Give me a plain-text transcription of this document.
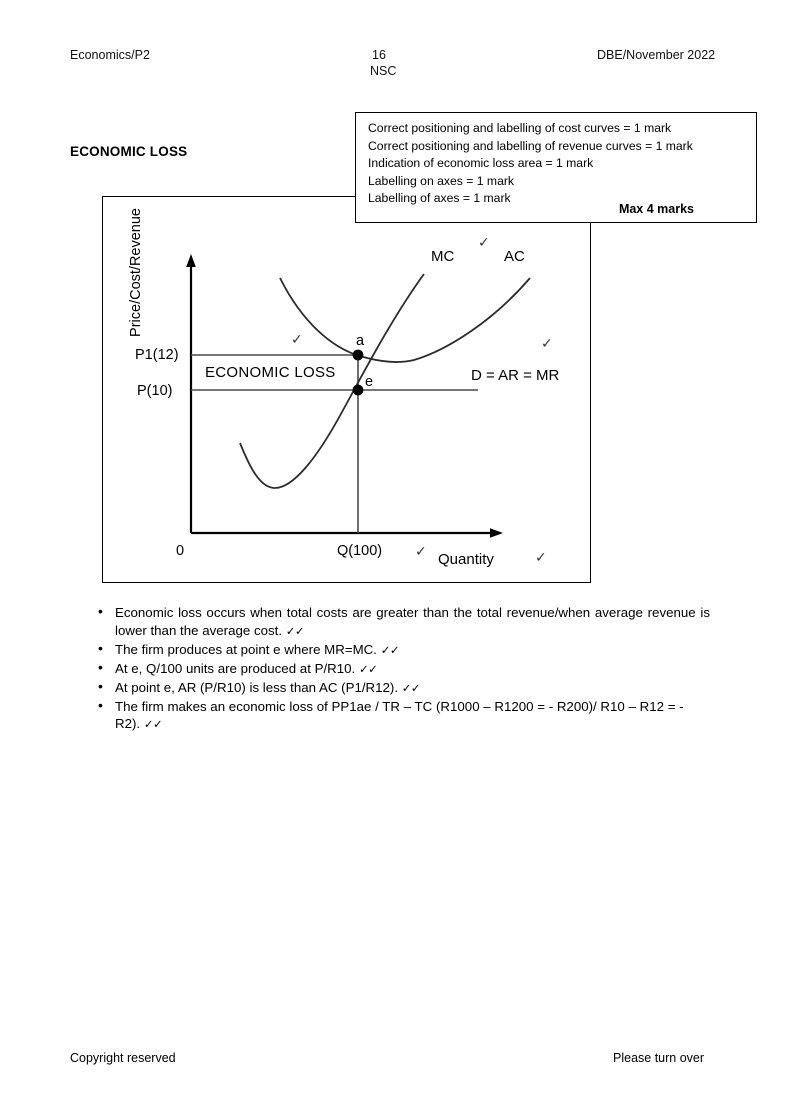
Economics/P2	16
NSC
DBE/November 2022
ECONOMIC LOSS
Correct positioning and labelling of cost curves = 1 mark
Correct positioning and labelling of revenue curves = 1 mark
Indication of economic loss area = 1 mark
Labelling on axes = 1 mark
Labelling of axes = 1 mark
Max 4 marks
Price/Cost/Revenue
P1(12)
P(10)
ECONOMIC LOSS
a
e
MC	AC
D = AR = MR
0	Q(100)	Quantity
✓	✓
✓
✓	✓
• Economic loss occurs when total costs are greater than the total revenue/when average revenue is lower than the average cost. ✓✓
• The firm produces at point e where MR=MC. ✓✓
• At e, Q/100 units are produced at P/R10. ✓✓
• At point e, AR (P/R10) is less than AC (P1/R12). ✓✓
• The firm makes an economic loss of PP1ae / TR – TC (R1000 – R1200 = - R200)/ R10 – R12 = - R2). ✓✓
Copyright reserved	Please turn over
